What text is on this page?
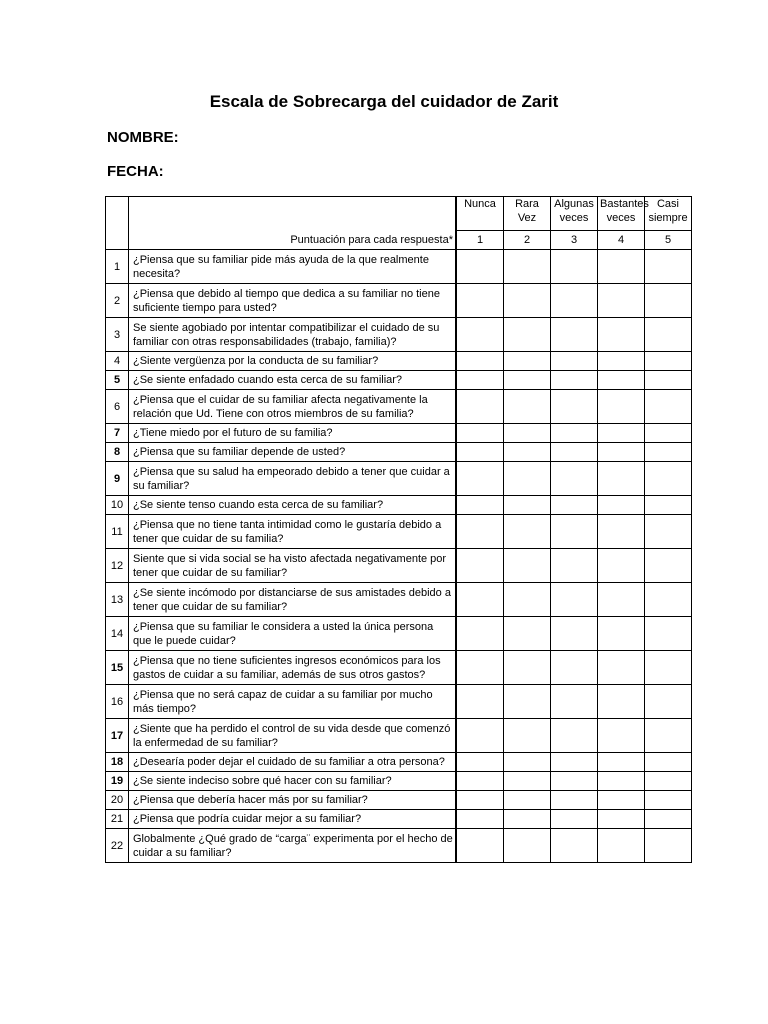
Escala de Sobrecarga del cuidador de Zarit
NOMBRE:
FECHA:
		Nunca	Rara Vez	Algunas veces	Bastantes veces	Casi siempre
	Puntuación para cada respuesta*	1	2	3	4	5
1	¿Piensa que su familiar pide más ayuda de la que realmente necesita?					
2	¿Piensa que debido al tiempo que dedica a su familiar no tiene suficiente tiempo para usted?					
3	Se siente agobiado por intentar compatibilizar el cuidado de su familiar con otras responsabilidades (trabajo, familia)?					
4	¿Siente vergüenza por la conducta de su familiar?					
5	¿Se siente enfadado cuando esta cerca de su familiar?					
6	¿Piensa que el cuidar de su familiar afecta negativamente la relación que Ud. Tiene con otros miembros de su familia?					
7	¿Tiene miedo por el futuro de su familia?					
8	¿Piensa que su familiar depende de usted?					
9	¿Piensa que su salud ha empeorado debido a tener que cuidar a su familiar?					
10	¿Se siente tenso cuando esta cerca de su familiar?					
11	¿Piensa que no tiene tanta intimidad como le gustaría debido a tener que cuidar de su familia?					
12	Siente que si vida social se ha visto afectada negativamente por tener que cuidar de su familiar?					
13	¿Se siente incómodo por distanciarse de sus amistades debido a tener que cuidar de su familiar?					
14	¿Piensa que su familiar le considera a usted la única persona que le puede cuidar?					
15	¿Piensa que no tiene suficientes ingresos económicos para los gastos de cuidar a su familiar, además de sus otros gastos?					
16	¿Piensa que no será capaz de cuidar a su familiar por mucho más tiempo?					
17	¿Siente que ha perdido el control de su vida desde que comenzó la enfermedad de su familiar?					
18	¿Desearía poder dejar el cuidado de su familiar a otra persona?					
19	¿Se siente indeciso sobre qué hacer con su familiar?					
20	¿Piensa que debería hacer más por su familiar?					
21	¿Piensa que podría cuidar mejor a su familiar?					
22	Globalmente ¿Qué grado de “carga¨ experimenta por el hecho de cuidar a su familiar?					
